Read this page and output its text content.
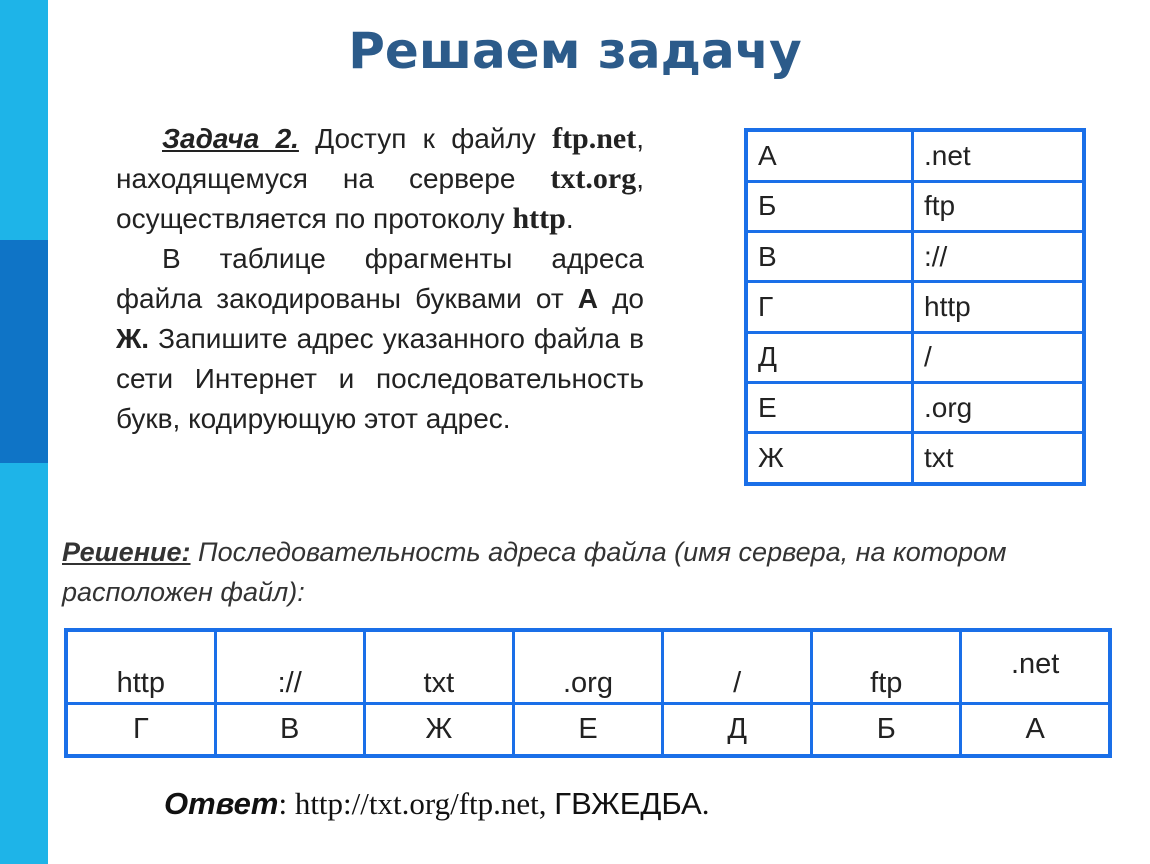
Решаем задачу

Задача 2. Доступ к файлу ftp.net, находящемуся на сервере txt.org, осуществляется по протоколу http.

В таблице фрагменты адреса файла закодированы буквами от А до Ж. Запишите адрес указанного файла в сети Интернет и последовательность букв, кодирующую этот адрес.

А	.net
Б	ftp
В	://
Г	http
Д	/
Е	.org
Ж	txt
Решение: Последовательность адреса файла (имя сервера, на котором расположен файл):
http	://	txt	.org	/	ftp	.net
Г	В	Ж	Е	Д	Б	А
Ответ: http://txt.org/ftp.net, ГВЖЕДБА.
